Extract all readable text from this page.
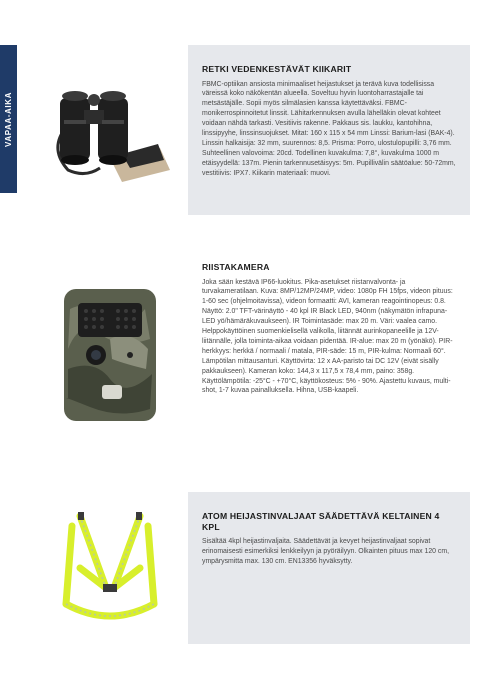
VAPAA-AIKA

RETKI VEDENKESTÄVÄT KIIKARIT

FBMC-optiikan ansiosta minimaaliset heijastukset ja terävä kuva todellisissa väreissä koko näkökentän alueella. Soveltuu hyvin luontoharrastajalle tai metsästäjälle. Sopii myös silmälasien kanssa käytettäväksi. FBMC- monikerrospinnoitetut linssit. Lähitarkennuksen avulla lähelläkin olevat kohteet voidaan nähdä tarkasti. Vesitiivis rakenne. Pakkaus sis. laukku, kantohihna, linssipyyhe, linssinsuojukset. Mitat: 160 x 115 x 54 mm Linssi: Barium-lasi (BAK-4). Linssin halkaisija: 32 mm, suurennos: 8,5. Prisma: Porro, ulostulopupilli: 3,76 mm. Suhteellinen valovoima: 20cd. Todellinen kuvakulma: 7,8°, kuvakulma 1000 m etäisyydellä: 137m. Pienin tarkennusetäisyys: 5m. Pupillivälin säätöalue: 50-72mm, vestitiivis: IPX7. Kiikarin materiaali: muovi.

RIISTAKAMERA

Joka sään kestävä IP66-luokitus. Pika-asetukset riistanvalvonta- ja turvakameratilaan. Kuva: 8MP/12MP/24MP, video: 1080p FH 15fps, videon pituus: 1-60 sec (ohjelmoitavissa), videon formaatti: AVI, kameran reagointinopeus: 0.8. Näyttö: 2.0" TFT-värinäyttö - 40 kpl IR Black LED, 940nm (näkymätön infrapuna-LED yö/hämäräkuvaukseen). IR Toimintasäde: max 20 m. Väri: vaalea camo. Helppokäyttöinen suomenkielisellä valikolla, liitännät aurinkopaneelille ja 12V-liitännälle, jolla toiminta-aikaa voidaan pidentää. IR-alue: max 20 m (yönäkö). PIR-herkkyys: herkkä / normaali / matala, PIR-säde: 15 m, PIR-kulma: Normaali 60°. Lämpötilan mittausanturi. Käyttövirta: 12 x AA-paristo tai DC 12V (eivät sisälly pakkaukseen). Kameran koko: 144,3 x 117,5 x 78,4 mm, paino: 358g. Käyttölämpötila: -25°C - +70°C, käyttökosteus: 5% - 90%. Ajastettu kuvaus, multi-shot, 1-7 kuvaa painalluksella. Hihna, USB-kaapeli.

ATOM HEIJASTINVALJAAT SÄÄDETTÄVÄ KELTAINEN 4 KPL

Sisältää 4kpl heijastinvaljaita. Säädettävät ja kevyet heijastinvaljaat sopivat erinomaisesti esimerkiksi lenkkeilyyn ja pyöräilyyn. Olkainten pituus max 120 cm, ympärysmitta max. 130 cm. EN13356 hyväksytty.
